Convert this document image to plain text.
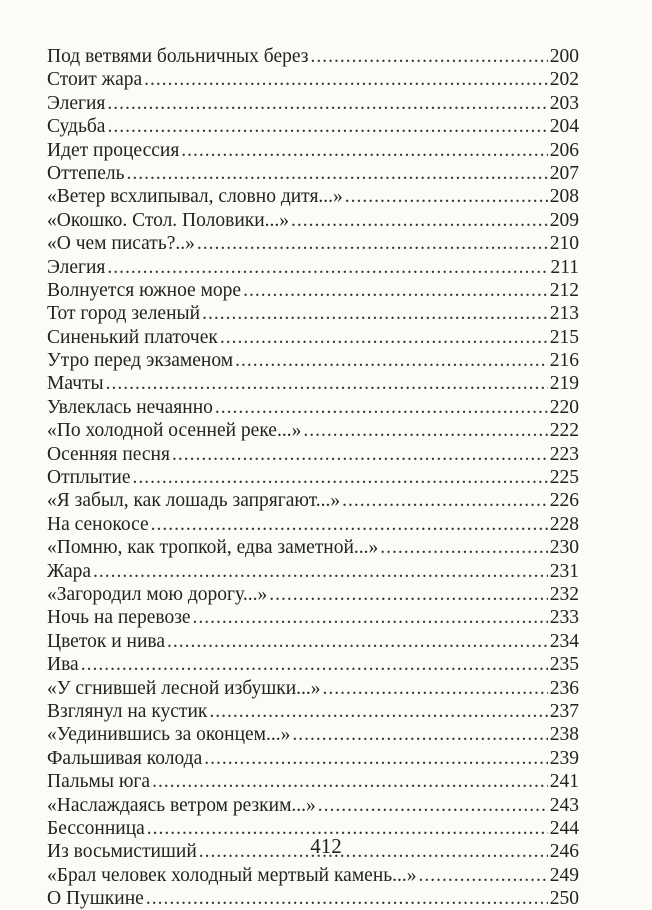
Под ветвями больничных берез .....	200
Стоит жара .....	202
Элегия .....	203
Судьба .....	204
Идет процессия .....	206
Оттепель .....	207
«Ветер всхлипывал, словно дитя...» .....	208
«Окошко. Стол. Половики...» .....	209
«О чем писать?..» .....	210
Элегия .....	211
Волнуется южное море .....	212
Тот город зеленый .....	213
Синенький платочек .....	215
Утро перед экзаменом .....	216
Мачты .....	219
Увлеклась нечаянно .....	220
«По холодной осенней реке...» .....	222
Осенняя песня .....	223
Отплытие .....	225
«Я забыл, как лошадь запрягают...» .....	226
На сенокосе .....	228
«Помню, как тропкой, едва заметной...» .....	230
Жара .....	231
«Загородил мою дорогу...» .....	232
Ночь на перевозе .....	233
Цветок и нива .....	234
Ива .....	235
«У сгнившей лесной избушки...» .....	236
Взглянул на кустик .....	237
«Уединившись за оконцем...» .....	238
Фальшивая колода .....	239
Пальмы юга .....	241
«Наслаждаясь ветром резким...» .....	243
Бессонница .....	244
Из восьмистиший .....	246
«Брал человек холодный мертвый камень...» .....	249
О Пушкине .....	250
412
